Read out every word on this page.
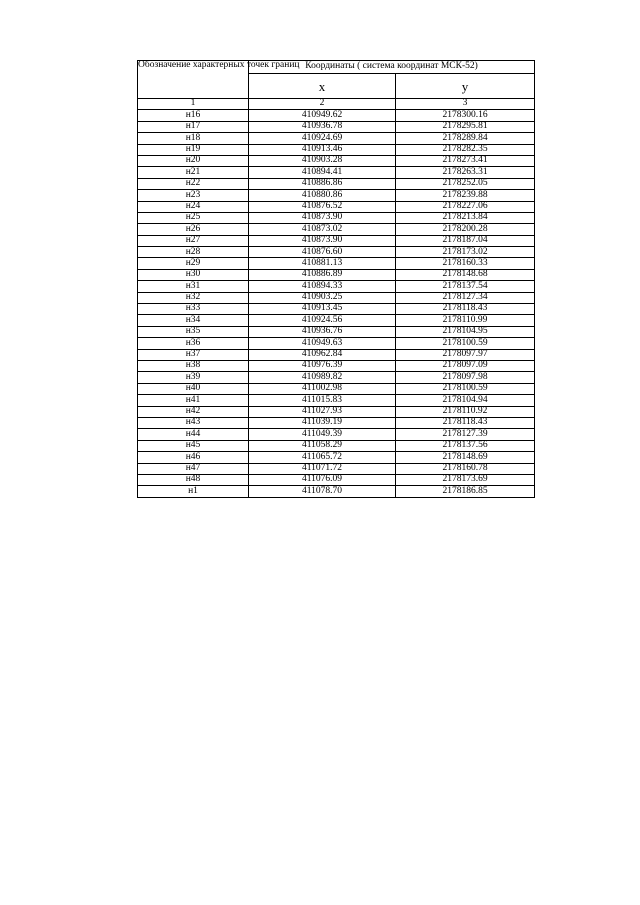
Обозначение характерных точек границ	Координаты ( система координат МСК-52)	
	x	y
1	2	3
н16	410949.62	2178300.16
н17	410936.78	2178295.81
н18	410924.69	2178289.84
н19	410913.46	2178282.35
н20	410903.28	2178273.41
н21	410894.41	2178263.31
н22	410886.86	2178252.05
н23	410880.86	2178239.88
н24	410876.52	2178227.06
н25	410873.90	2178213.84
н26	410873.02	2178200.28
н27	410873.90	2178187.04
н28	410876.60	2178173.02
н29	410881.13	2178160.33
н30	410886.89	2178148.68
н31	410894.33	2178137.54
н32	410903.25	2178127.34
н33	410913.45	2178118.43
н34	410924.56	2178110.99
н35	410936.76	2178104.95
н36	410949.63	2178100.59
н37	410962.84	2178097.97
н38	410976.39	2178097.09
н39	410989.82	2178097.98
н40	411002.98	2178100.59
н41	411015.83	2178104.94
н42	411027.93	2178110.92
н43	411039.19	2178118.43
н44	411049.39	2178127.39
н45	411058.29	2178137.56
н46	411065.72	2178148.69
н47	411071.72	2178160.78
н48	411076.09	2178173.69
н1	411078.70	2178186.85
